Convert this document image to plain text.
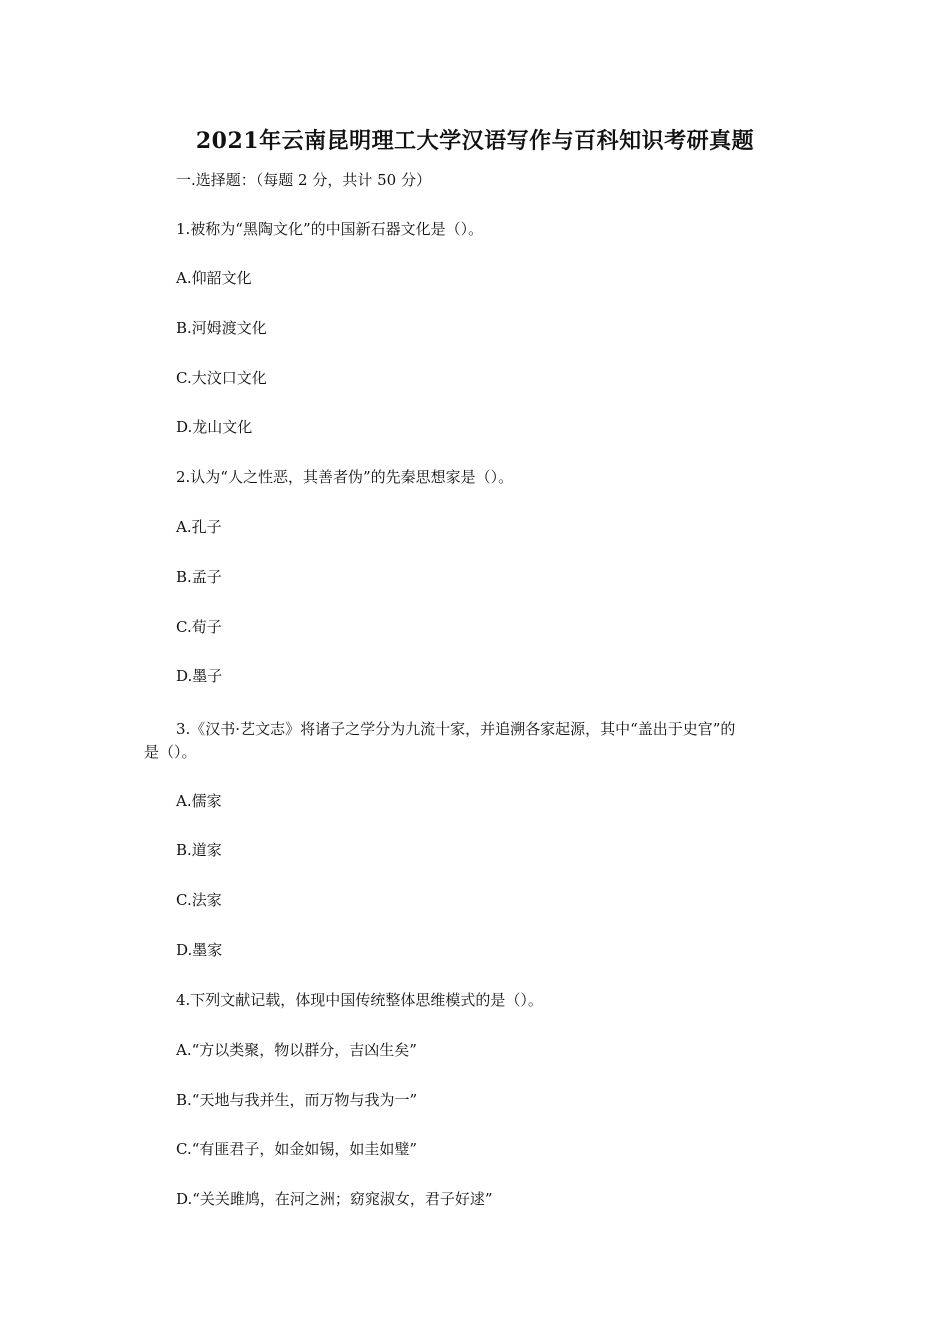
2021年云南昆明理工大学汉语写作与百科知识考研真题
一.选择题：（每题 2 分，共计 50 分）
1.被称为“黑陶文化”的中国新石器文化是（）。
A.仰韶文化
B.河姆渡文化
C.大汶口文化
D.龙山文化
2.认为“人之性恶，其善者伪”的先秦思想家是（）。
A.孔子
B.孟子
C.荀子
D.墨子
3.《汉书·艺文志》将诸子之学分为九流十家，并追溯各家起源，其中“盖出于史官”的
是（）。
A.儒家
B.道家
C.法家
D.墨家
4.下列文献记载，体现中国传统整体思维模式的是（）。
A.“方以类聚，物以群分，吉凶生矣”
B.“天地与我并生，而万物与我为一”
C.“有匪君子，如金如锡，如圭如璧”
D.“关关雎鸠，在河之洲；窈窕淑女，君子好逑”
